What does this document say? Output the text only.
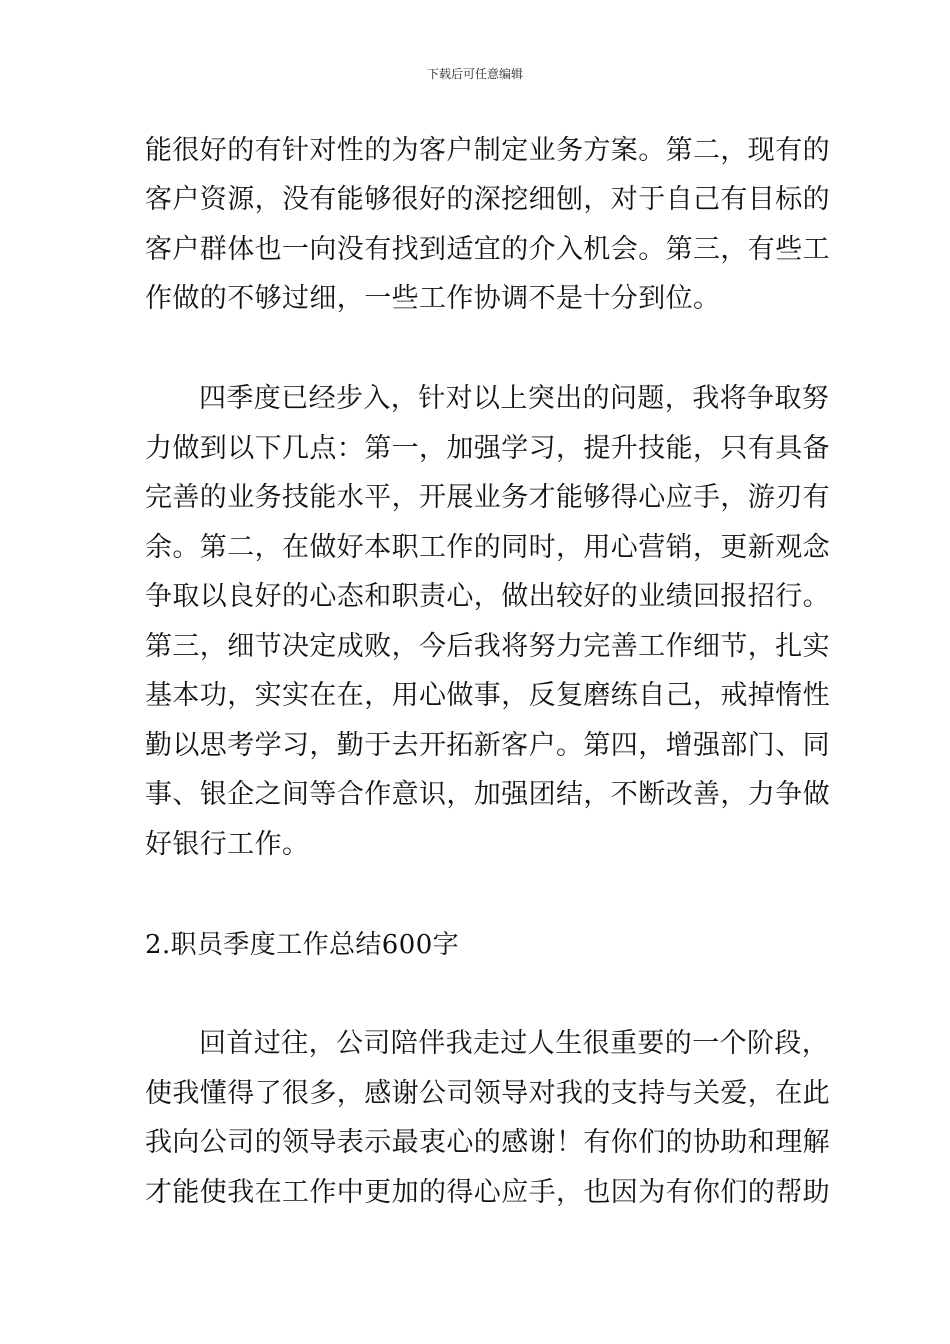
下载后可任意编辑
能很好的有针对性的为客户制定业务方案。第二，现有的
客户资源，没有能够很好的深挖细刨，对于自己有目标的
客户群体也一向没有找到适宜的介入机会。第三，有些工
作做的不够过细，一些工作协调不是十分到位。
四季度已经步入，针对以上突出的问题，我将争取努
力做到以下几点：第一，加强学习，提升技能，只有具备
完善的业务技能水平，开展业务才能够得心应手，游刃有
余。第二，在做好本职工作的同时，用心营销，更新观念
争取以良好的心态和职责心，做出较好的业绩回报招行。
第三，细节决定成败，今后我将努力完善工作细节，扎实
基本功，实实在在，用心做事，反复磨练自己，戒掉惰性
勤以思考学习，勤于去开拓新客户。第四，增强部门、同
事、银企之间等合作意识，加强团结，不断改善，力争做
好银行工作。
2.职员季度工作总结600字
回首过往，公司陪伴我走过人生很重要的一个阶段，
使我懂得了很多，感谢公司领导对我的支持与关爱，在此
我向公司的领导表示最衷心的感谢！有你们的协助和理解
才能使我在工作中更加的得心应手，也因为有你们的帮助
